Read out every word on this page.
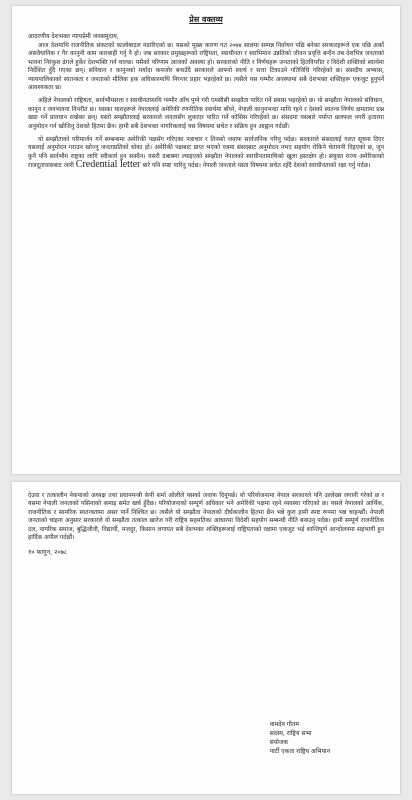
प्रेस वक्तव्य
आदरणीय देशभक्त न्यायप्रेमी जनसमुदाय,

आज देशमाथि राजनीतिक संकटको कालोबादल मडारिएको छ। यसको मुख्य कारण गत २०७४ सालमा सम्पन्न निर्वाचन पछि बनेका सरकारहरूले एक पछि अर्को असवैधानिक र गैर कानुनी काम कारबाही गर्नु नै हो। जब सरकार प्रमुखहरूको राष्ट्रियता, स्वाधीनता र स्वाभिमान उन्नतिको जीवन प्रवृत्ति बन्दैन तब देशभित्र जनताको भावना निरंकुश ढंगले हुर्केर देशभक्ति गर्न थाल्छ। यसैको परिणाम आजको अवस्था हो। सरकारको नीति र निर्णयहरू जनताको हितविपरीत र विदेशी शक्तिको स्वार्थमा निर्देशित हुँदै गएका छन्। संविधान र कानुनको मर्यादा कमजोर बनाउँदै सरकारले आफ्नो स्वार्थ र सत्ता टिकाउने गतिविधि गरिरहेको छ। संसदीय अभ्यास, न्यायपालिकाको स्वतन्त्रता र जनताको मौलिक हक अधिकारमाथि निरन्तर प्रहार भइरहेको छ। त्यसैले यस गम्भीर अवस्थामा सबै देशभक्त शक्तिहरू एकजुट हुनुपर्ने आवश्यकता छ।

अहिले नेपालको राष्ट्रियता, सार्वभौमसत्ता र स्वाधीनतामाथि गम्भीर आँच पुग्ने गरी एमसीसी सम्झौता पारित गर्ने प्रयास भइरहेको छ। यो सम्झौता नेपालको संविधान, कानुन र जनभावना विपरीत छ। यसका धाराहरूले नेपाललाई अमेरिकी रणनीतिक स्वार्थमा बाँध्ने, नेपाली कानुनभन्दा माथि रहने र देशको स्वतन्त्र निर्णय क्षमतामा प्रश्न खडा गर्ने प्रावधान राखेका छन्। यस्तो सम्झौतालाई सरकारले जनतासँग लुकाएर पारित गर्ने कोसिस गरिरहेको छ। संसदमा यसबारे पर्याप्त छलफल नगरी हतारमा अनुमोदन गर्न खोजिनु देशको हितमा छैन। हामी सबै देशभक्त नागरिकलाई यस विषयमा सचेत र सक्रिय हुन आह्वान गर्दछौं।

यो सम्झौताको परिमार्जन गर्ने सम्बन्धमा अमेरिकी पक्षसँग गरिएका पत्राचार र तिनको जवाफ सार्वजनिक गरिनु पर्दछ। सरकारले संसदलाई गलत सूचना दिएर यसलाई अनुमोदन गराउन खोज्नु जनताप्रतिको धोका हो। अमेरिकी पक्षबाट प्राप्त भएको पत्रमा संसदबाट अनुमोदन नभए सहयोग रोकिने चेतावनी दिइएको छ, जुन कुनै पनि सार्वभौम राष्ट्रका लागि स्वीकार्य हुन सक्दैन। यसरी दबाबमा ल्याइएको सम्झौता नेपालको स्वाधीनतामाथिको खुला हस्तक्षेप हो। संयुक्त राज्य अमेरिकाको राजदूतावासबाट जारी Credential letter बारे पनि स्पष्ट पारिनु पर्दछ। नेपाली जनताले यस्ता विषयमा सचेत रहँदै देशको स्वाधीनताको रक्षा गर्नु पर्दछ।

देउवा र तत्कालीन नेकपाको अध्यक्ष तथा प्रधानमन्त्री केपी शर्मा ओलीले यसको जवाफ दिनुपर्छ। यो परियोजनामा नेपाल सरकारले पनि उल्लेख्य लगानी गरेको छ र यसमा नेपाली जनताको पसिनाको कमाइ समेत खर्च हुँदैछ। परियोजनाको सम्पूर्ण अधिकार भने अमेरिकी पक्षमा रहने व्यवस्था गरिएको छ। यसले नेपालको आर्थिक, राजनीतिक र सामरिक स्वतन्त्रतामा असर पार्ने निश्चित छ। त्यसैले यो सम्झौता नेपालको दीर्घकालीन हितमा छैन भन्ने कुरा हामी स्पष्ट रूपमा भन्न चाहन्छौं। नेपाली जनताको चाहना अनुसार सरकारले यो सम्झौता तत्काल खारेज गरी राष्ट्रिय सहमतिका आधारमा विदेशी सहयोग सम्बन्धी नीति बनाउनु पर्दछ। हामी सम्पूर्ण राजनीतिक दल, नागरिक समाज, बुद्धिजीवी, विद्यार्थी, मजदुर, किसान लगायत सबै देशभक्त शक्तिहरूलाई राष्ट्रियताको रक्षामा एकजुट भई शान्तिपूर्ण आन्दोलनमा सहभागी हुन हार्दिक अपील गर्दछौं।

१० फागुन, २०७८
वामदेव गौतम
सदस्य, राष्ट्रिय सभा
संयोजक
पार्टी एकता राष्ट्रिय अभियान
